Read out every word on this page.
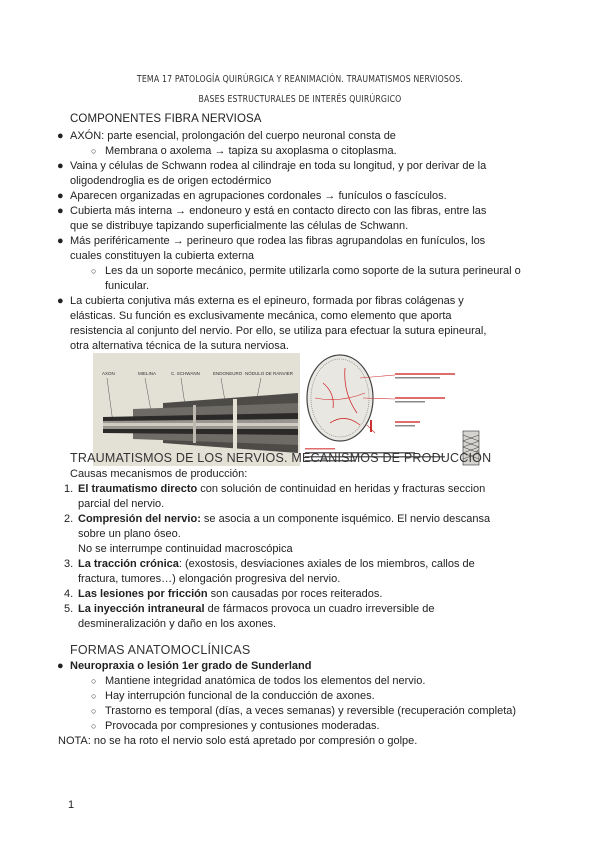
TEMA 17 PATOLOGÍA QUIRÚRGICA Y REANIMACIÓN. TRAUMATISMOS NERVIOSOS.
BASES ESTRUCTURALES DE INTERÉS QUIRÚRGICO
COMPONENTES FIBRA NERVIOSA
● AXÓN: parte esencial, prolongación del cuerpo neuronal consta de
○ Membrana o axolema → tapiza su axoplasma o citoplasma.
● Vaina y células de Schwann rodea al cilindraje en toda su longitud, y por derivar de la
oligodendroglia es de origen ectodérmico
● Aparecen organizadas en agrupaciones cordonales → funículos o fascículos.
● Cubierta más interna → endoneuro y está en contacto directo con las fibras, entre las
que se distribuye tapizando superficialmente las células de Schwann.
● Más periféricamente → perineuro que rodea las fibras agrupandolas en funículos, los
cuales constituyen la cubierta externa
○ Les da un soporte mecánico, permite utilizarla como soporte de la sutura perineural o
funicular.
● La cubierta conjutiva más externa es el epineuro, formada por fibras colágenas y
elásticas. Su función es exclusivamente mecánica, como elemento que aporta
resistencia al conjunto del nervio. Por ello, se utiliza para efectuar la sutura epineural,
otra alternativa técnica de la sutura nerviosa.
AXON	MIELINA	C. SCHWANN	ENDONEURO NÓDULO DE RANVIER
TRAUMATISMOS DE LOS NERVIOS. MECANISMOS DE PRODUCCIÓN
Causas mecanismos de producción:
1. El traumatismo directo con solución de continuidad en heridas y fracturas seccion
parcial del nervio.
2. Compresión del nervio: se asocia a un componente isquémico. El nervio descansa
sobre un plano óseo.
No se interrumpe continuidad macroscópica
3. La tracción crónica: (exostosis, desviaciones axiales de los miembros, callos de
fractura, tumores…) elongación progresiva del nervio.
4. Las lesiones por fricción son causadas por roces reiterados.
5. La inyección intraneural de fármacos provoca un cuadro irreversible de
desmineralización y daño en los axones.
FORMAS ANATOMOCLÍNICAS
● Neuropraxia o lesión 1er grado de Sunderland
○ Mantiene integridad anatómica de todos los elementos del nervio.
○ Hay interrupción funcional de la conducción de axones.
○ Trastorno es temporal (días, a veces semanas) y reversible (recuperación completa)
○ Provocada por compresiones y contusiones moderadas.
NOTA: no se ha roto el nervio solo está apretado por compresión o golpe.
1
